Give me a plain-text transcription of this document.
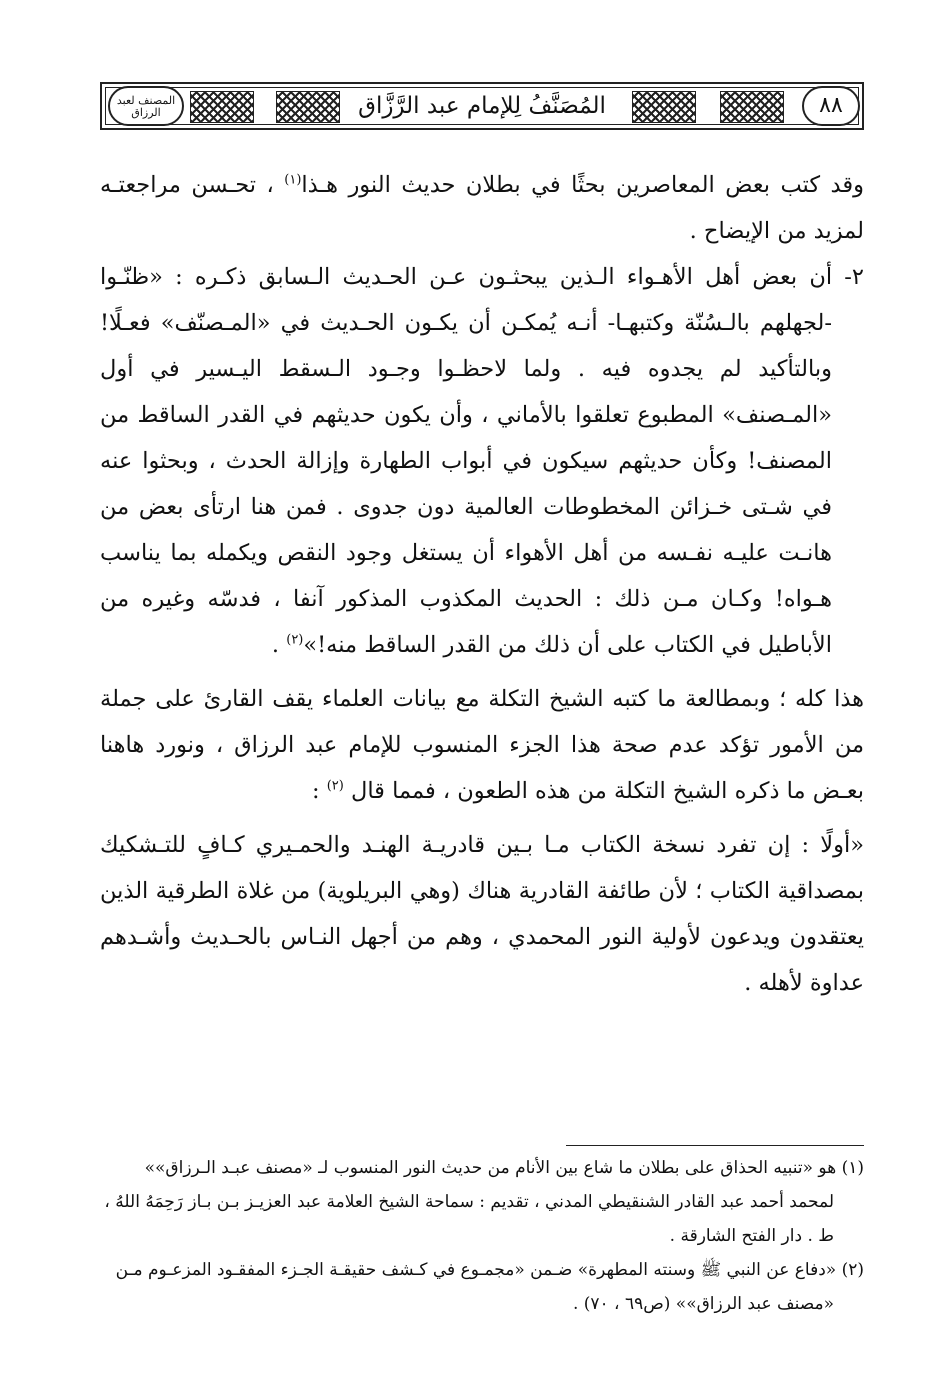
المصنف لعبد الرزاق	المُصَنَّفُ لِلإمام عبد الرَّزَّاق	٨٨

وقد كتب بعض المعاصرين بحثًا في بطلان حديث النور هـذا$^{(١)}$ ، تحـسن مراجعتـه لمزيد من الإيضاح .

٢- أن بعض أهل الأهـواء الـذين يبحثـون عـن الحـديث الـسابق ذكـره : «ظنّـوا -لجهلهم بالـسُنّة وكتبهـا- أنـه يُمكـن أن يكـون الحـديث في «المـصنّف» فعـلًا! وبالتأكيد لم يجدوه فيه . ولما لاحظـوا وجـود الـسقط اليـسير في أول «المـصنف» المطبوع تعلقوا بالأماني ، وأن يكون حديثهم في القدر الساقط من المصنف! وكأن حديثهم سيكون في أبواب الطهارة وإزالة الحدث ، وبحثوا عنه في شـتى خـزائن المخطوطات العالمية دون جدوى . فمن هنا ارتأى بعض من هانـت عليـه نفـسه من أهل الأهواء أن يستغل وجود النقص ويكمله بما يناسب هـواه! وكـان مـن ذلك : الحديث المكذوب المذكور آنفا ، فدسّه وغيره من الأباطيل في الكتاب على أن ذلك من القدر الساقط منه!»$^{(٢)}$ .

هذا كله ؛ وبمطالعة ما كتبه الشيخ التكلة مع بيانات العلماء يقف القارئ على جملة من الأمور تؤكد عدم صحة هذا الجزء المنسوب للإمام عبد الرزاق ، ونورد هاهنا بعـض ما ذكره الشيخ التكلة من هذه الطعون ، فمما قال $^{(٢)}$ :

«أولًا : إن تفرد نسخة الكتاب مـا بـين قادريـة الهنـد والحمـيري كـافٍ للتـشكيك بمصداقية الكتاب ؛ لأن طائفة القادرية هناك (وهي البريلوية) من غلاة الطرقية الذين يعتقدون ويدعون لأولية النور المحمدي ، وهم من أجهل النـاس بالحـديث وأشـدهم عداوة لأهله .

(١) هو «تنبيه الحذاق على بطلان ما شاع بين الأنام من حديث النور المنسوب لـ «مصنف عبـد الـرزاق»»

لمحمد أحمد عبد القادر الشنقيطي المدني ، تقديم : سماحة الشيخ العلامة عبد العزيـز بـن بـاز رَحِمَهُ اللهُ ،

ط . دار الفتح الشارقة .

(٢) «دفاع عن النبي ﷺ وسنته المطهرة» ضـمن «مجمـوع في كـشف حقيقـة الجـزء المفقـود المزعـوم مـن

«مصنف عبد الرزاق»» (ص٦٩ ، ٧٠) .
